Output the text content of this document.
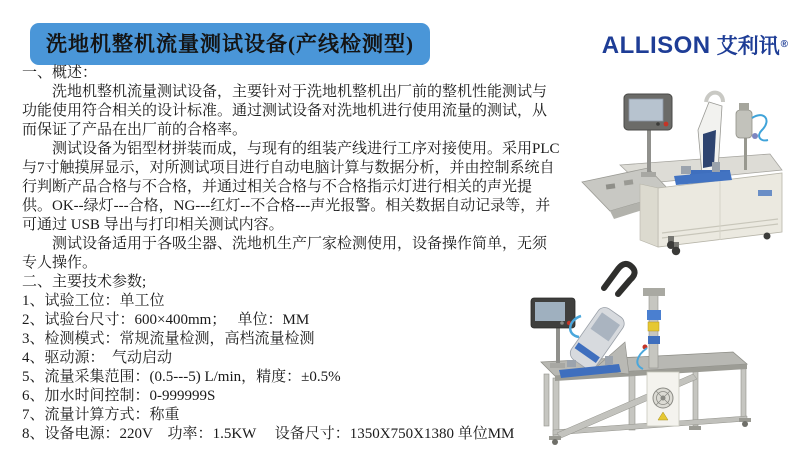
洗地机整机流量测试设备(产线检测型)	ALLISON 艾利讯®

一、概述：

洗地机整机流量测试设备，主要针对于洗地机整机出厂前的整机性能测试与功能使用符合相关的设计标准。通过测试设备对洗地机进行使用流量的测试，从而保证了产品在出厂前的合格率。

测试设备为铝型材拼装而成，与现有的组装产线进行工序对接使用。采用PLC与7寸触摸屏显示，对所测试项目进行自动电脑计算与数据分析，并由控制系统自行判断产品合格与不合格，并通过相关合格与不合格指示灯进行相关的声光提供。OK--绿灯---合格，NG---红灯--不合格---声光报警。相关数据自动记录等，并可通过 USB 导出与打印相关测试内容。

测试设备适用于各吸尘器、洗地机生产厂家检测使用，设备操作简单，无须专人操作。

二、主要技术参数;

1、试验工位：单工位

2、试验台尺寸：600×400mm；　 单位：MM

3、检测模式：常规流量检测，高档流量检测

4、驱动源：　气动启动

5、流量采集范围：(0.5---5) L/min，精度：±0.5%

6、加水时间控制：0-999999S

7、流量计算方式：称重

8、设备电源：220V　功率：1.5KW　 设备尺寸：1350X750X1380 单位MM
